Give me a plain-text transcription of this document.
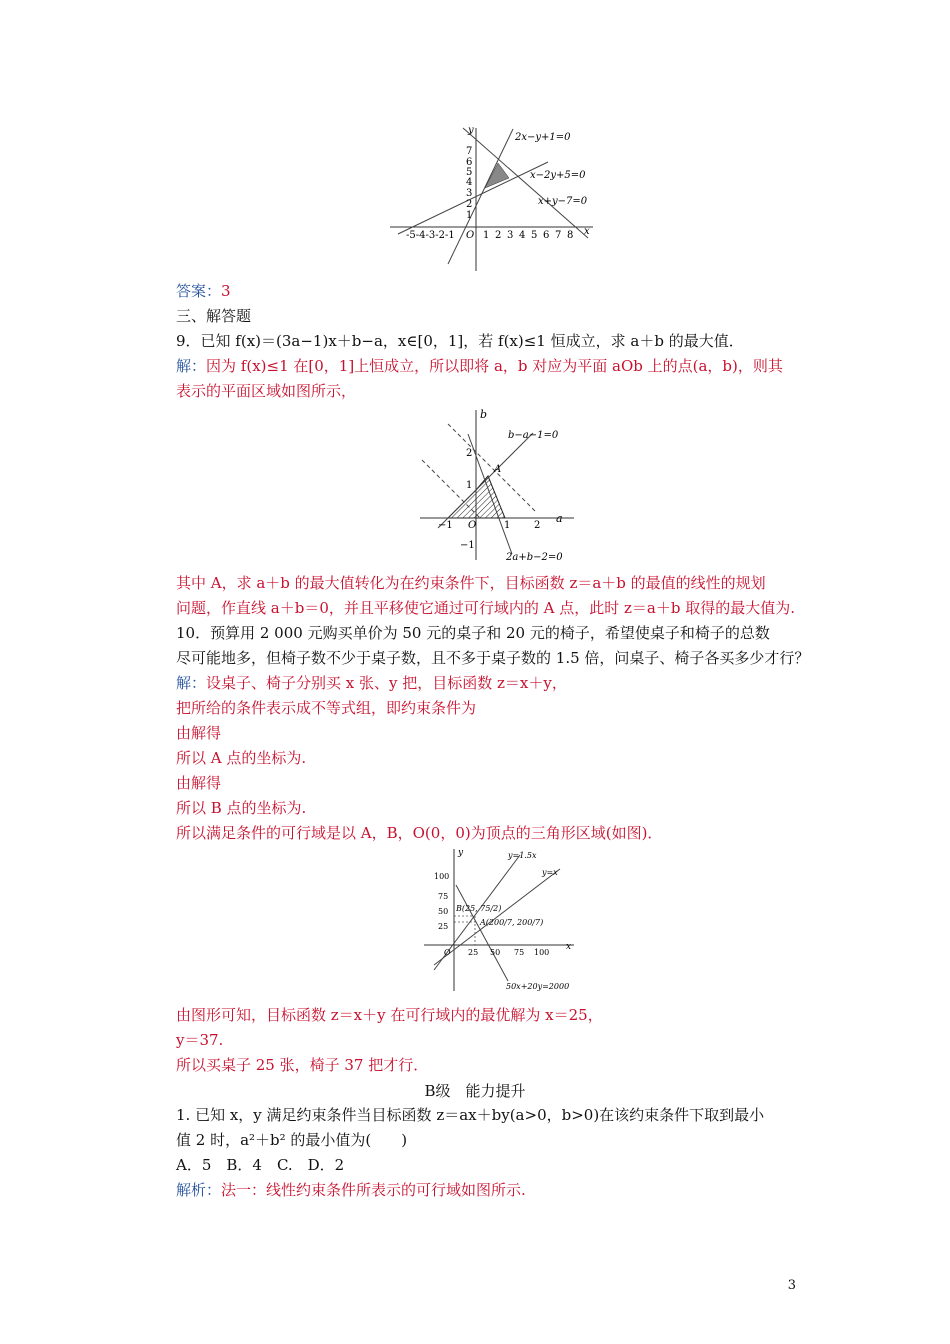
y
x
7
6
5
4
3
2
1
-5-4-3-2-1 O 1 2 3 4 5 6 7 8
2x−y+1=0
x−2y+5=0
x+y−7=0
答案：3
三、解答题
9．已知 f(x)＝(3a−1)x＋b−a，x∈[0，1]，若 f(x)≤1 恒成立，求 a＋b 的最大值．
解：因为 f(x)≤1 在[0，1]上恒成立，所以即将 a，b 对应为平面 aOb 上的点(a，b)，则其
表示的平面区域如图所示，
b
a
b−a−1=0
2a+b−2=0
A
2
1
−1
O	1 2
−1
其中 A，求 a＋b 的最大值转化为在约束条件下，目标函数 z＝a＋b 的最值的线性的规划
问题，作直线 a＋b＝0，并且平移使它通过可行域内的 A 点，此时 z＝a＋b 取得的最大值为.
10．预算用 2 000 元购买单价为 50 元的桌子和 20 元的椅子，希望使桌子和椅子的总数
尽可能地多，但椅子数不少于桌子数，且不多于桌子数的 1.5 倍，问桌子、椅子各买多少才行？
解：设桌子、椅子分别买 x 张、y 把，目标函数 z＝x＋y，
把所给的条件表示成不等式组，即约束条件为
由解得
所以 A 点的坐标为.
由解得
所以 B 点的坐标为.
所以满足条件的可行域是以 A，B，O(0，0)为顶点的三角形区域(如图)．
y
x
y=1.5x
y=x
50x+20y=2000
100
75
50
25
25 50 75 100
O
B(25, 75/2)
A(200/7, 200/7)
由图形可知，目标函数 z＝x＋y 在可行域内的最优解为 x＝25，
y＝37.
所以买桌子 25 张，椅子 37 把才行．
B级　能力提升
1. 已知 x，y 满足约束条件当目标函数 z＝ax＋by(a>0，b>0)在该约束条件下取到最小
值 2 时，a²＋b² 的最小值为(　　)
A．5　B．4　C.　D．2
解析：法一：线性约束条件所表示的可行域如图所示.
3
